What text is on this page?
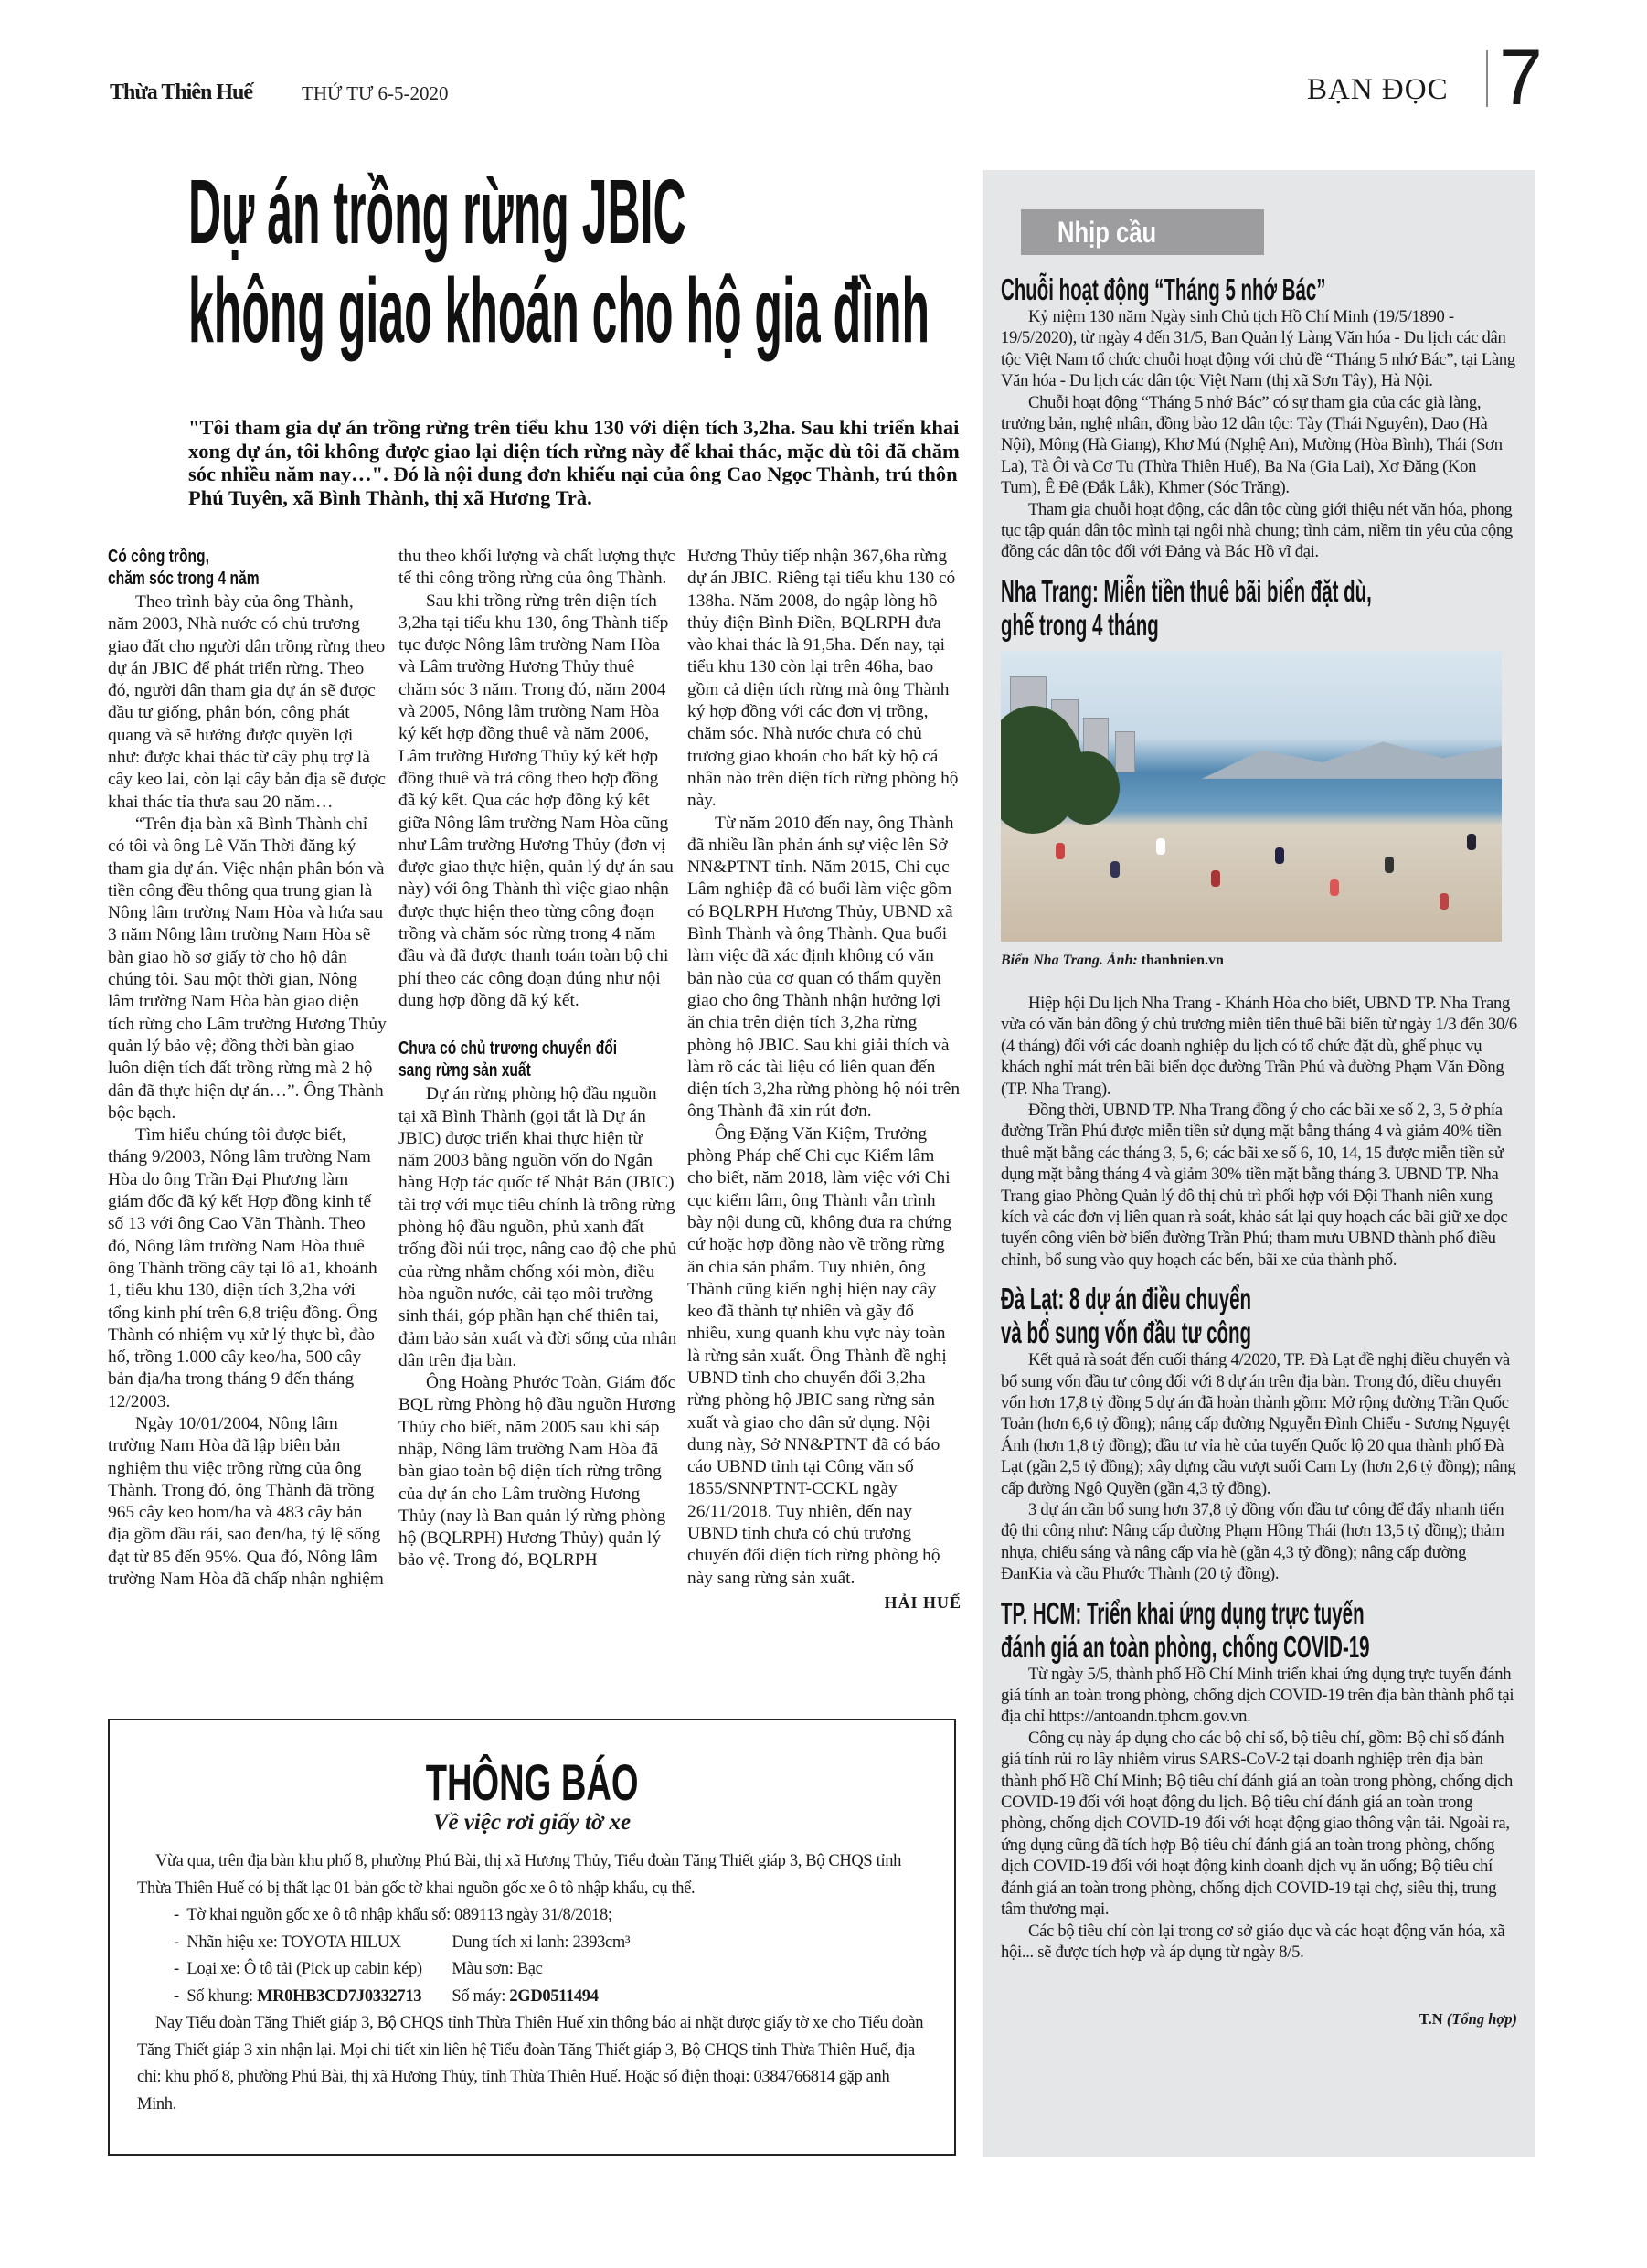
Thừa Thiên Huế	THỨ TƯ 6-5-2020	BẠN ĐỌC 7
Dự án trồng rừng JBIC
không giao khoán cho hộ gia đình
"Tôi tham gia dự án trồng rừng trên tiểu khu 130 với diện tích 3,2ha. Sau khi triển khai xong dự án, tôi không được giao lại diện tích rừng này để khai thác, mặc dù tôi đã chăm sóc nhiều năm nay…". Đó là nội dung đơn khiếu nại của ông Cao Ngọc Thành, trú thôn Phú Tuyên, xã Bình Thành, thị xã Hương Trà.
Có công trồng,
chăm sóc trong 4 năm

Theo trình bày của ông Thành, năm 2003, Nhà nước có chủ trương giao đất cho người dân trồng rừng theo dự án JBIC để phát triển rừng. Theo đó, người dân tham gia dự án sẽ được đầu tư giống, phân bón, công phát quang và sẽ hưởng được quyền lợi như: được khai thác từ cây phụ trợ là cây keo lai, còn lại cây bản địa sẽ được khai thác tỉa thưa sau 20 năm…

“Trên địa bàn xã Bình Thành chỉ có tôi và ông Lê Văn Thời đăng ký tham gia dự án. Việc nhận phân bón và tiền công đều thông qua trung gian là Nông lâm trường Nam Hòa và hứa sau 3 năm Nông lâm trường Nam Hòa sẽ bàn giao hồ sơ giấy tờ cho hộ dân chúng tôi. Sau một thời gian, Nông lâm trường Nam Hòa bàn giao diện tích rừng cho Lâm trường Hương Thủy quản lý bảo vệ; đồng thời bàn giao luôn diện tích đất trồng rừng mà 2 hộ dân đã thực hiện dự án…”. Ông Thành bộc bạch.

Tìm hiểu chúng tôi được biết, tháng 9/2003, Nông lâm trường Nam Hòa do ông Trần Đại Phương làm giám đốc đã ký kết Hợp đồng kinh tế số 13 với ông Cao Văn Thành. Theo đó, Nông lâm trường Nam Hòa thuê ông Thành trồng cây tại lô a1, khoảnh 1, tiểu khu 130, diện tích 3,2ha với tổng kinh phí trên 6,8 triệu đồng. Ông Thành có nhiệm vụ xử lý thực bì, đào hố, trồng 1.000 cây keo/ha, 500 cây bản địa/ha trong tháng 9 đến tháng 12/2003.

Ngày 10/01/2004, Nông lâm trường Nam Hòa đã lập biên bản nghiệm thu việc trồng rừng của ông Thành. Trong đó, ông Thành đã trồng 965 cây keo hom/ha và 483 cây bản địa gồm dầu rái, sao đen/ha, tỷ lệ sống đạt từ 85 đến 95%. Qua đó, Nông lâm trường Nam Hòa đã chấp nhận nghiệm

thu theo khối lượng và chất lượng thực tế thi công trồng rừng của ông Thành.

Sau khi trồng rừng trên diện tích 3,2ha tại tiểu khu 130, ông Thành tiếp tục được Nông lâm trường Nam Hòa và Lâm trường Hương Thủy thuê chăm sóc 3 năm. Trong đó, năm 2004 và 2005, Nông lâm trường Nam Hòa ký kết hợp đồng thuê và năm 2006, Lâm trường Hương Thủy ký kết hợp đồng thuê và trả công theo hợp đồng đã ký kết. Qua các hợp đồng ký kết giữa Nông lâm trường Nam Hòa cũng như Lâm trường Hương Thủy (đơn vị được giao thực hiện, quản lý dự án sau này) với ông Thành thì việc giao nhận được thực hiện theo từng công đoạn trồng và chăm sóc rừng trong 4 năm đầu và đã được thanh toán toàn bộ chi phí theo các công đoạn đúng như nội dung hợp đồng đã ký kết.

Chưa có chủ trương chuyển đổi
sang rừng sản xuất

Dự án rừng phòng hộ đầu nguồn tại xã Bình Thành (gọi tắt là Dự án JBIC) được triển khai thực hiện từ năm 2003 bằng nguồn vốn do Ngân hàng Hợp tác quốc tế Nhật Bản (JBIC) tài trợ với mục tiêu chính là trồng rừng phòng hộ đầu nguồn, phủ xanh đất trống đồi núi trọc, nâng cao độ che phủ của rừng nhằm chống xói mòn, điều hòa nguồn nước, cải tạo môi trường sinh thái, góp phần hạn chế thiên tai, đảm bảo sản xuất và đời sống của nhân dân trên địa bàn.

Ông Hoàng Phước Toàn, Giám đốc BQL rừng Phòng hộ đầu nguồn Hương Thủy cho biết, năm 2005 sau khi sáp nhập, Nông lâm trường Nam Hòa đã bàn giao toàn bộ diện tích rừng trồng của dự án cho Lâm trường Hương Thủy (nay là Ban quản lý rừng phòng hộ (BQLRPH) Hương Thủy) quản lý bảo vệ. Trong đó, BQLRPH

Hương Thủy tiếp nhận 367,6ha rừng dự án JBIC. Riêng tại tiểu khu 130 có 138ha. Năm 2008, do ngập lòng hồ thủy điện Bình Điền, BQLRPH đưa vào khai thác là 91,5ha. Đến nay, tại tiểu khu 130 còn lại trên 46ha, bao gồm cả diện tích rừng mà ông Thành ký hợp đồng với các đơn vị trồng, chăm sóc. Nhà nước chưa có chủ trương giao khoán cho bất kỳ hộ cá nhân nào trên diện tích rừng phòng hộ này.

Từ năm 2010 đến nay, ông Thành đã nhiều lần phản ánh sự việc lên Sở NN&PTNT tỉnh. Năm 2015, Chi cục Lâm nghiệp đã có buổi làm việc gồm có BQLRPH Hương Thủy, UBND xã Bình Thành và ông Thành. Qua buổi làm việc đã xác định không có văn bản nào của cơ quan có thẩm quyền giao cho ông Thành nhận hưởng lợi ăn chia trên diện tích 3,2ha rừng phòng hộ JBIC. Sau khi giải thích và làm rõ các tài liệu có liên quan đến diện tích 3,2ha rừng phòng hộ nói trên ông Thành đã xin rút đơn.

Ông Đặng Văn Kiệm, Trưởng phòng Pháp chế Chi cục Kiểm lâm cho biết, năm 2018, làm việc với Chi cục kiểm lâm, ông Thành vẫn trình bày nội dung cũ, không đưa ra chứng cứ hoặc hợp đồng nào về trồng rừng ăn chia sản phẩm. Tuy nhiên, ông Thành cũng kiến nghị hiện nay cây keo đã thành tự nhiên và gãy đổ nhiều, xung quanh khu vực này toàn là rừng sản xuất. Ông Thành đề nghị UBND tỉnh cho chuyển đổi 3,2ha rừng phòng hộ JBIC sang rừng sản xuất và giao cho dân sử dụng. Nội dung này, Sở NN&PTNT đã có báo cáo UBND tỉnh tại Công văn số 1855/SNNPTNT-CCKL ngày 26/11/2018. Tuy nhiên, đến nay UBND tỉnh chưa có chủ trương chuyển đổi diện tích rừng phòng hộ này sang rừng sản xuất.

HẢI HUẾ
THÔNG BÁO
Về việc rơi giấy tờ xe

Vừa qua, trên địa bàn khu phố 8, phường Phú Bài, thị xã Hương Thủy, Tiểu đoàn Tăng Thiết giáp 3, Bộ CHQS tỉnh Thừa Thiên Huế có bị thất lạc 01 bản gốc tờ khai nguồn gốc xe ô tô nhập khẩu, cụ thể.

-  Tờ khai nguồn gốc xe ô tô nhập khẩu số: 089113 ngày 31/8/2018;
-  Nhãn hiệu xe: TOYOTA HILUX	Dung tích xi lanh: 2393cm³
-  Loại xe: Ô tô tải (Pick up cabin kép) Màu sơn: Bạc
-  Số khung: MR0HB3CD7J0332713 Số máy: 2GD0511494

Nay Tiểu đoàn Tăng Thiết giáp 3, Bộ CHQS tỉnh Thừa Thiên Huế xin thông báo ai nhặt được giấy tờ xe cho Tiểu đoàn Tăng Thiết giáp 3 xin nhận lại. Mọi chi tiết xin liên hệ Tiểu đoàn Tăng Thiết giáp 3, Bộ CHQS tỉnh Thừa Thiên Huế, địa chỉ: khu phố 8, phường Phú Bài, thị xã Hương Thủy, tỉnh Thừa Thiên Huế. Hoặc số điện thoại: 0384766814 gặp anh Minh.

Nhịp cầu
Chuỗi hoạt động “Tháng 5 nhớ Bác”

Kỷ niệm 130 năm Ngày sinh Chủ tịch Hồ Chí Minh (19/5/1890 - 19/5/2020), từ ngày 4 đến 31/5, Ban Quản lý Làng Văn hóa - Du lịch các dân tộc Việt Nam tổ chức chuỗi hoạt động với chủ đề “Tháng 5 nhớ Bác”, tại Làng Văn hóa - Du lịch các dân tộc Việt Nam (thị xã Sơn Tây), Hà Nội.

Chuỗi hoạt động “Tháng 5 nhớ Bác” có sự tham gia của các già làng, trưởng bản, nghệ nhân, đồng bào 12 dân tộc: Tày (Thái Nguyên), Dao (Hà Nội), Mông (Hà Giang), Khơ Mú (Nghệ An), Mường (Hòa Bình), Thái (Sơn La), Tà Ôi và Cơ Tu (Thừa Thiên Huế), Ba Na (Gia Lai), Xơ Đăng (Kon Tum), Ê Đê (Đắk Lắk), Khmer (Sóc Trăng).

Tham gia chuỗi hoạt động, các dân tộc cùng giới thiệu nét văn hóa, phong tục tập quán dân tộc mình tại ngôi nhà chung; tình cảm, niềm tin yêu của cộng đồng các dân tộc đối với Đảng và Bác Hồ vĩ đại.

Nha Trang: Miễn tiền thuê bãi biển đặt dù,
ghế trong 4 tháng
Biển Nha Trang. Ảnh: thanhnien.vn

Hiệp hội Du lịch Nha Trang - Khánh Hòa cho biết, UBND TP. Nha Trang vừa có văn bản đồng ý chủ trương miễn tiền thuê bãi biển từ ngày 1/3 đến 30/6 (4 tháng) đối với các doanh nghiệp du lịch có tổ chức đặt dù, ghế phục vụ khách nghỉ mát trên bãi biển dọc đường Trần Phú và đường Phạm Văn Đồng (TP. Nha Trang).

Đồng thời, UBND TP. Nha Trang đồng ý cho các bãi xe số 2, 3, 5 ở phía đường Trần Phú được miễn tiền sử dụng mặt bằng tháng 4 và giảm 40% tiền thuê mặt bằng các tháng 3, 5, 6; các bãi xe số 6, 10, 14, 15 được miễn tiền sử dụng mặt bằng tháng 4 và giảm 30% tiền mặt bằng tháng 3. UBND TP. Nha Trang giao Phòng Quản lý đô thị chủ trì phối hợp với Đội Thanh niên xung kích và các đơn vị liên quan rà soát, khảo sát lại quy hoạch các bãi giữ xe dọc tuyến công viên bờ biển đường Trần Phú; tham mưu UBND thành phố điều chỉnh, bổ sung vào quy hoạch các bến, bãi xe của thành phố.

Đà Lạt: 8 dự án điều chuyển
và bổ sung vốn đầu tư công

Kết quả rà soát đến cuối tháng 4/2020, TP. Đà Lạt đề nghị điều chuyển và bổ sung vốn đầu tư công đối với 8 dự án trên địa bàn. Trong đó, điều chuyển vốn hơn 17,8 tỷ đồng 5 dự án đã hoàn thành gồm: Mở rộng đường Trần Quốc Toản (hơn 6,6 tỷ đồng); nâng cấp đường Nguyễn Đình Chiểu - Sương Nguyệt Ánh (hơn 1,8 tỷ đồng); đầu tư vỉa hè của tuyến Quốc lộ 20 qua thành phố Đà Lạt (gần 2,5 tỷ đồng); xây dựng cầu vượt suối Cam Ly (hơn 2,6 tỷ đồng); nâng cấp đường Ngô Quyền (gần 4,3 tỷ đồng).

3 dự án cần bổ sung hơn 37,8 tỷ đồng vốn đầu tư công để đẩy nhanh tiến độ thi công như: Nâng cấp đường Phạm Hồng Thái (hơn 13,5 tỷ đồng); thảm nhựa, chiếu sáng và nâng cấp vỉa hè (gần 4,3 tỷ đồng); nâng cấp đường ĐanKia và cầu Phước Thành (20 tỷ đồng).

TP. HCM: Triển khai ứng dụng trực tuyến
đánh giá an toàn phòng, chống COVID-19

Từ ngày 5/5, thành phố Hồ Chí Minh triển khai ứng dụng trực tuyến đánh giá tính an toàn trong phòng, chống dịch COVID-19 trên địa bàn thành phố tại địa chỉ https://antoandn.tphcm.gov.vn.

Công cụ này áp dụng cho các bộ chỉ số, bộ tiêu chí, gồm: Bộ chỉ số đánh giá tính rủi ro lây nhiễm virus SARS-CoV-2 tại doanh nghiệp trên địa bàn thành phố Hồ Chí Minh; Bộ tiêu chí đánh giá an toàn trong phòng, chống dịch COVID-19 đối với hoạt động du lịch. Bộ tiêu chí đánh giá an toàn trong phòng, chống dịch COVID-19 đối với hoạt động giao thông vận tải. Ngoài ra, ứng dụng cũng đã tích hợp Bộ tiêu chí đánh giá an toàn trong phòng, chống dịch COVID-19 đối với hoạt động kinh doanh dịch vụ ăn uống; Bộ tiêu chí đánh giá an toàn trong phòng, chống dịch COVID-19 tại chợ, siêu thị, trung tâm thương mại.

Các bộ tiêu chí còn lại trong cơ sở giáo dục và các hoạt động văn hóa, xã hội... sẽ được tích hợp và áp dụng từ ngày 8/5.

T.N (Tổng hợp)
